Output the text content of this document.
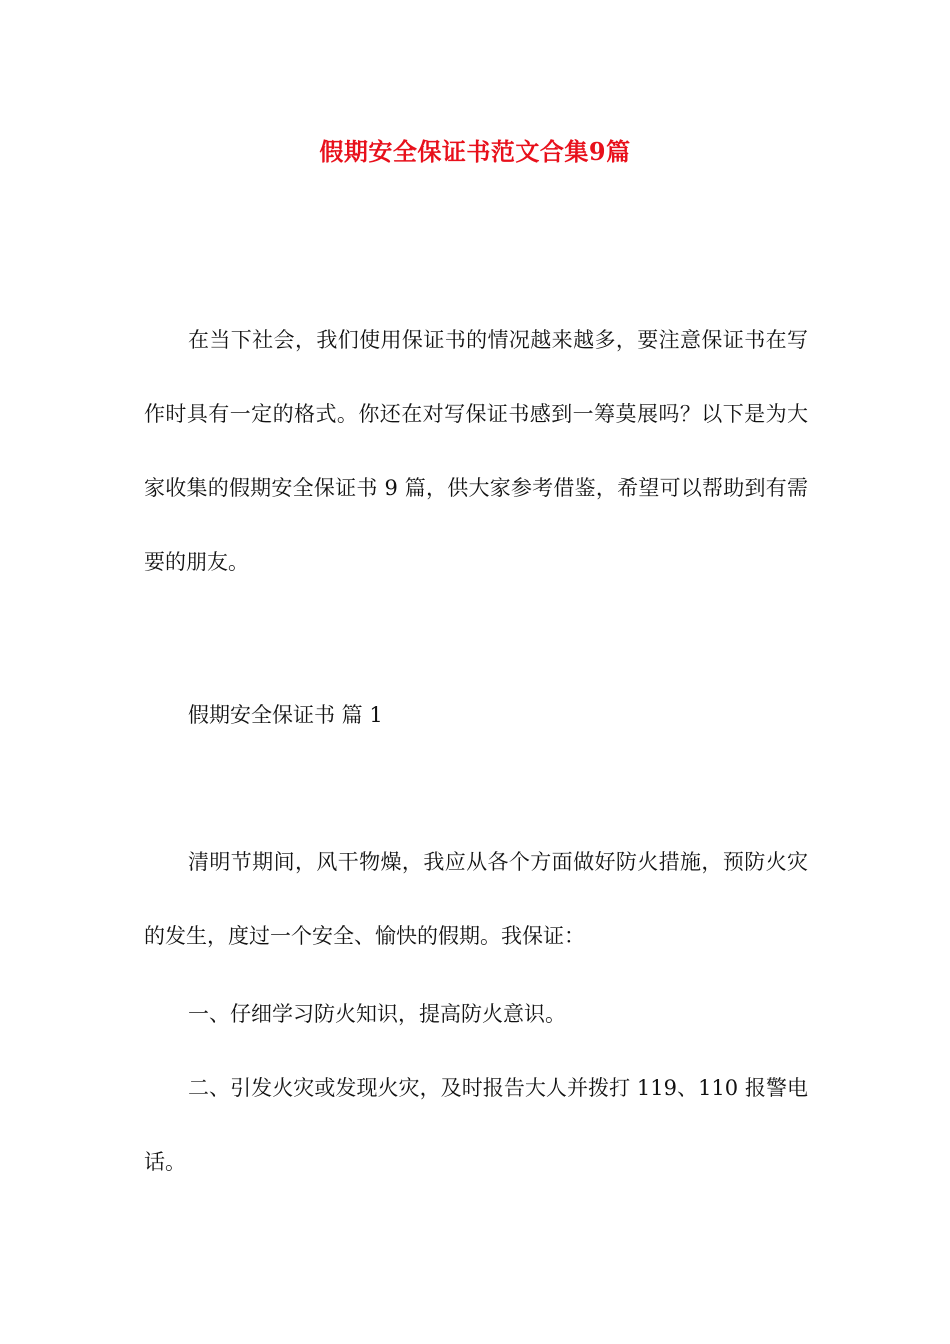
假期安全保证书范文合集9篇

在当下社会，我们使用保证书的情况越来越多，要注意保证书在写作时具有一定的格式。你还在对写保证书感到一筹莫展吗？以下是为大家收集的假期安全保证书 9 篇，供大家参考借鉴，希望可以帮助到有需要的朋友。

假期安全保证书 篇 1

清明节期间，风干物燥，我应从各个方面做好防火措施，预防火灾的发生，度过一个安全、愉快的假期。我保证：

一、仔细学习防火知识，提高防火意识。

二、引发火灾或发现火灾，及时报告大人并拨打 119、110 报警电话。
